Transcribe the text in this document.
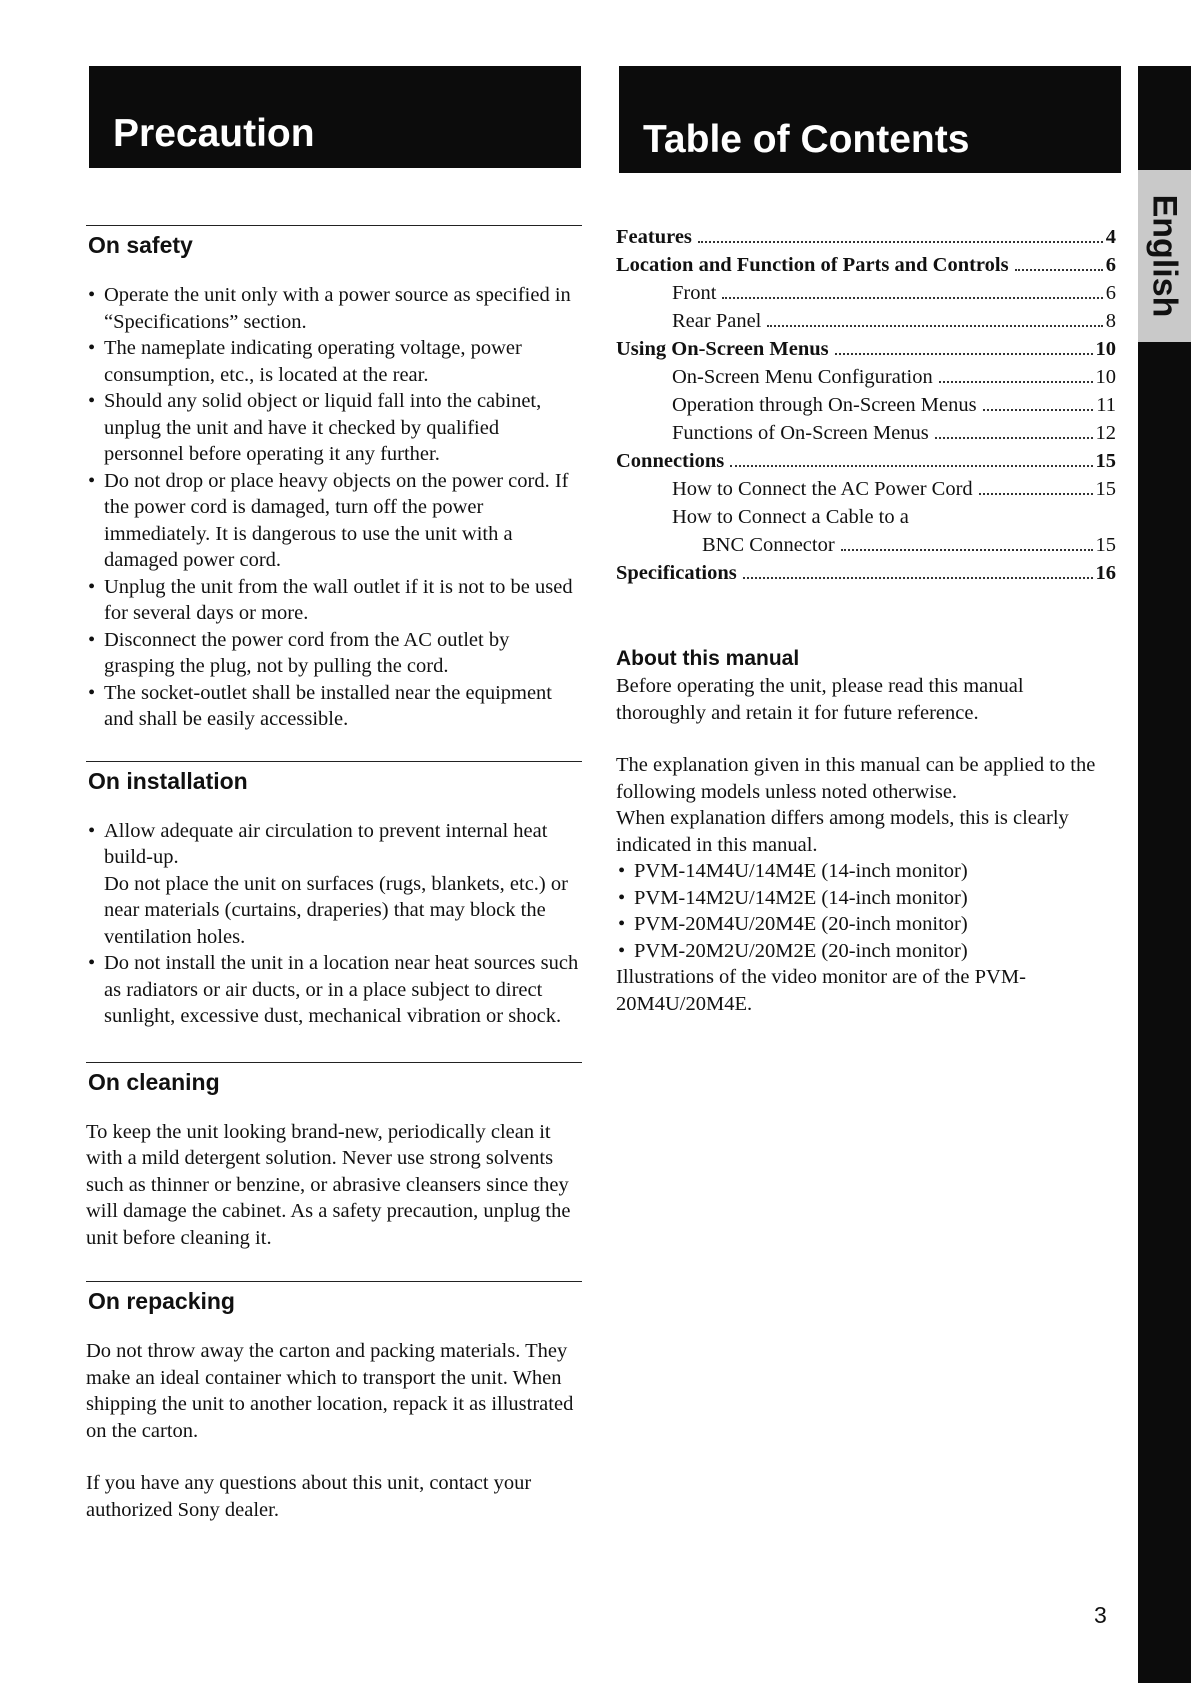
Precaution	Table of Contents
On safety
• Operate the unit only with a power source as specified in “Specifications” section.
• The nameplate indicating operating voltage, power consumption, etc., is located at the rear.
• Should any solid object or liquid fall into the cabinet, unplug the unit and have it checked by qualified personnel before operating it any further.
• Do not drop or place heavy objects on the power cord. If the power cord is damaged, turn off the power immediately. It is dangerous to use the unit with a damaged power cord.
• Unplug the unit from the wall outlet if it is not to be used for several days or more.
• Disconnect the power cord from the AC outlet by grasping the plug, not by pulling the cord.
• The socket-outlet shall be installed near the equipment and shall be easily accessible.
On installation
• Allow adequate air circulation to prevent internal heat build-up.
Do not place the unit on surfaces (rugs, blankets, etc.) or near materials (curtains, draperies) that may block the ventilation holes.
• Do not install the unit in a location near heat sources such as radiators or air ducts, or in a place subject to direct sunlight, excessive dust, mechanical vibration or shock.
On cleaning

To keep the unit looking brand-new, periodically clean it with a mild detergent solution. Never use strong solvents such as thinner or benzine, or abrasive cleansers since they will damage the cabinet. As a safety precaution, unplug the unit before cleaning it.

On repacking

Do not throw away the carton and packing materials. They make an ideal container which to transport the unit. When shipping the unit to another location, repack it as illustrated on the carton.

If you have any questions about this unit, contact your authorized Sony dealer.

Features	4
Location and Function of Parts and Controls	6
Front	6
Rear Panel	8
Using On-Screen Menus	10
On-Screen Menu Configuration	10
Operation through On-Screen Menus	11
Functions of On-Screen Menus	12
Connections	15
How to Connect the AC Power Cord	15
How to Connect a Cable to a
BNC Connector	15
Specifications	16
About this manual

Before operating the unit, please read this manual thoroughly and retain it for future reference.

The explanation given in this manual can be applied to the following models unless noted otherwise.

When explanation differs among models, this is clearly indicated in this manual.

• PVM-14M4U/14M4E (14-inch monitor)
• PVM-14M2U/14M2E (14-inch monitor)
• PVM-20M4U/20M4E (20-inch monitor)
• PVM-20M2U/20M2E (20-inch monitor)

Illustrations of the video monitor are of the PVM-20M4U/20M4E.

English
3
